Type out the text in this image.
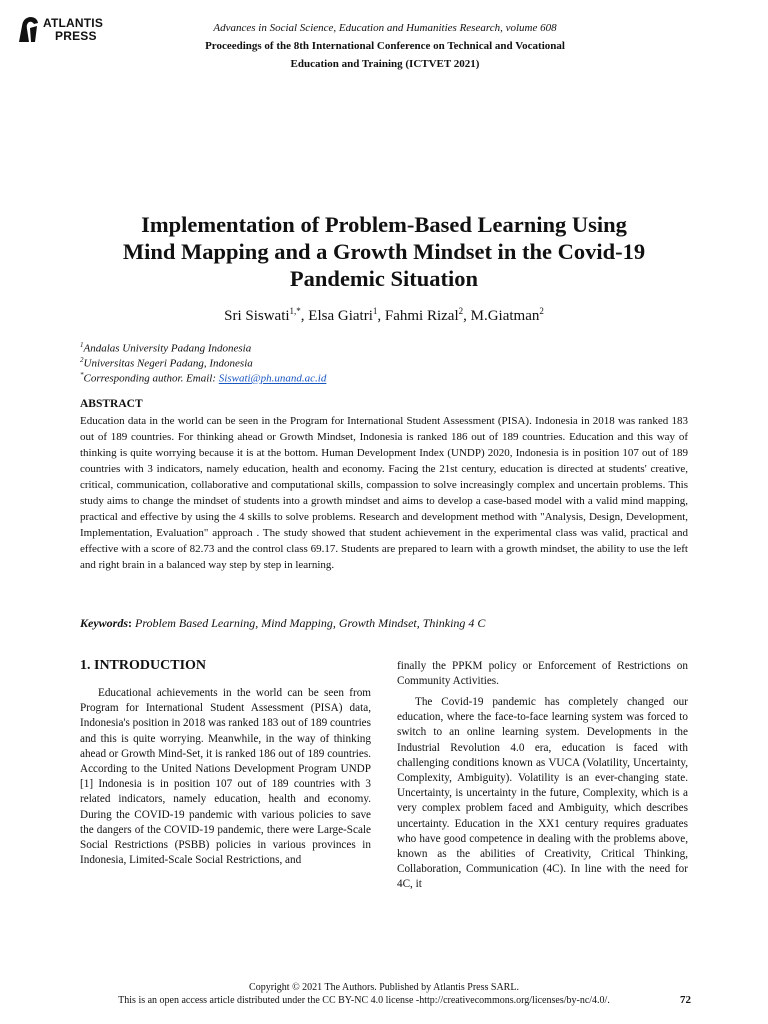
ATLANTIS
PRESS
Advances in Social Science, Education and Humanities Research, volume 608
Proceedings of the 8th International Conference on Technical and Vocational
Education and Training (ICTVET 2021)
Implementation of Problem-Based Learning Using
Mind Mapping and a Growth Mindset in the Covid-19
Pandemic Situation
Sri Siswati$^{1,*}$, Elsa Giatri$^1$, Fahmi Rizal$^2$, M.Giatman$^2$
$^1$Andalas University Padang Indonesia
$^2$Universitas Negeri Padang, Indonesia
*Corresponding author. Email: Siswati@ph.unand.ac.id
ABSTRACT

Education data in the world can be seen in the Program for International Student Assessment (PISA). Indonesia in 2018 was ranked 183 out of 189 countries. For thinking ahead or Growth Mindset, Indonesia is ranked 186 out of 189 countries. Education and this way of thinking is quite worrying because it is at the bottom. Human Development Index (UNDP) 2020, Indonesia is in position 107 out of 189 countries with 3 indicators, namely education, health and economy. Facing the 21st century, education is directed at students' creative, critical, communication, collaborative and computational skills, compassion to solve increasingly complex and uncertain problems. This study aims to change the mindset of students into a growth mindset and aims to develop a case-based model with a valid mind mapping, practical and effective by using the 4 skills to solve problems. Research and development method with "Analysis, Design, Development, Implementation, Evaluation" approach . The study showed that student achievement in the experimental class was valid, practical and effective with a score of 82.73 and the control class 69.17. Students are prepared to learn with a growth mindset, the ability to use the left and right brain in a balanced way step by step in learning.

Keywords: Problem Based Learning, Mind Mapping, Growth Mindset, Thinking 4 C
1. INTRODUCTION

Educational achievements in the world can be seen from Program for International Student Assessment (PISA) data, Indonesia's position in 2018 was ranked 183 out of 189 countries and this is quite worrying. Meanwhile, in the way of thinking ahead or Growth Mind-Set, it is ranked 186 out of 189 countries. According to the United Nations Development Program UNDP [1] Indonesia is in position 107 out of 189 countries with 3 related indicators, namely education, health and economy. During the COVID-19 pandemic with various policies to save the dangers of the COVID-19 pandemic, there were Large-Scale Social Restrictions (PSBB) policies in various provinces in Indonesia, Limited-Scale Social Restrictions, and

finally the PPKM policy or Enforcement of Restrictions on Community Activities.

The Covid-19 pandemic has completely changed our education, where the face-to-face learning system was forced to switch to an online learning system. Developments in the Industrial Revolution 4.0 era, education is faced with challenging conditions known as VUCA (Volatility, Uncertainty, Complexity, Ambiguity). Volatility is an ever-changing state. Uncertainty, is uncertainty in the future, Complexity, which is a very complex problem faced and Ambiguity, which describes uncertainty. Education in the XX1 century requires graduates who have good competence in dealing with the problems above, known as the abilities of Creativity, Critical Thinking, Collaboration, Communication (4C). In line with the need for 4C, it

Copyright © 2021 The Authors. Published by Atlantis Press SARL.
This is an open access article distributed under the CC BY-NC 4.0 license -http://creativecommons.org/licenses/by-nc/4.0/.	72
